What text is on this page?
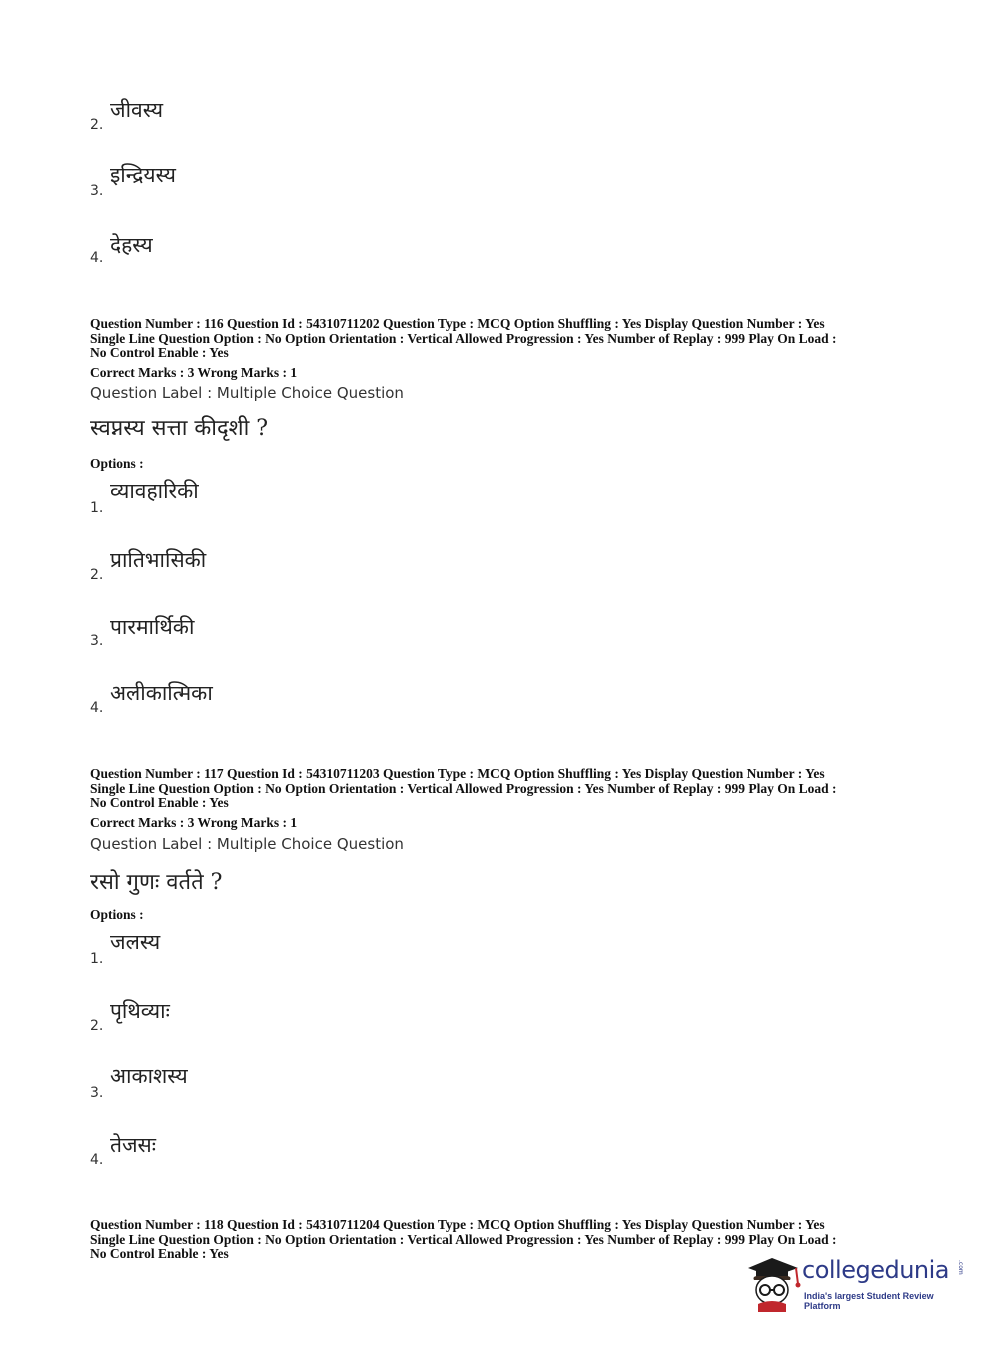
2.
जीवस्य
3.
इन्द्रियस्य
4.
देहस्य
Question Number : 116 Question Id : 54310711202 Question Type : MCQ Option Shuffling : Yes Display Question Number : Yes
Single Line Question Option : No Option Orientation : Vertical Allowed Progression : Yes Number of Replay : 999 Play On Load :
No Control Enable : Yes
Correct Marks : 3 Wrong Marks : 1
Question Label : Multiple Choice Question
स्वप्नस्य सत्ता कीदृशी ?
Options :
1.
व्यावहारिकी
2.
प्रातिभासिकी
3.
पारमार्थिकी
4.
अलीकात्मिका
Question Number : 117 Question Id : 54310711203 Question Type : MCQ Option Shuffling : Yes Display Question Number : Yes
Single Line Question Option : No Option Orientation : Vertical Allowed Progression : Yes Number of Replay : 999 Play On Load :
No Control Enable : Yes
Correct Marks : 3 Wrong Marks : 1
Question Label : Multiple Choice Question
रसो गुणः वर्तते ?
Options :
1.
जलस्य
2.
पृथिव्याः
3.
आकाशस्य
4.
तेजसः
Question Number : 118 Question Id : 54310711204 Question Type : MCQ Option Shuffling : Yes Display Question Number : Yes
Single Line Question Option : No Option Orientation : Vertical Allowed Progression : Yes Number of Replay : 999 Play On Load :
No Control Enable : Yes
collegedunia .com
India's largest Student Review Platform
